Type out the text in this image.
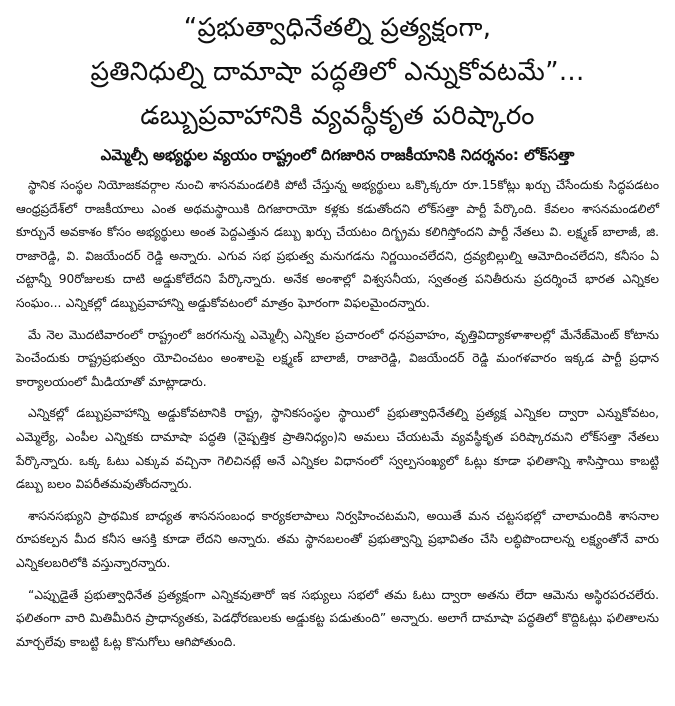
“ప్రభుత్వాధినేతల్ని ప్రత్యక్షంగా,
ప్రతినిధుల్ని దామాషా పద్ధతిలో ఎన్నుకోవటమే”...
డబ్బుప్రవాహానికి వ్యవస్థీకృత పరిష్కారం
ఎమ్మెల్సీ అభ్యర్థుల వ్యయం రాష్ట్రంలో దిగజారిన రాజకీయానికి నిదర్శనం: లోక్‌సత్తా

స్థానిక సంస్థల నియోజకవర్గాల నుంచి శాసనమండలికి పోటీ చేస్తున్న అభ్యర్థులు ఒక్కొక్కరూ రూ.15కోట్లు ఖర్చు చేసేందుకు సిద్ధపడటం ఆంధ్రప్రదేశ్‌లో రాజకీయాలు ఎంత అథమస్థాయికి దిగజారాయో కళ్లకు కడుతోందని లోక్‌సత్తా పార్టీ పేర్కొంది. కేవలం శాసనమండలిలో కూర్చునే అవకాశం కోసం అభ్యర్థులు అంత పెద్దఎత్తున డబ్బు ఖర్చు చేయటం దిగ్భ్రమ కలిగిస్తోందని పార్టీ నేతలు వి. లక్ష్మణ్ బాలాజీ, జి. రాజారెడ్డి, వి. విజయేందర్ రెడ్డి అన్నారు. ఎగువ సభ ప్రభుత్వ మనుగడను నిర్ణయించలేదని, ద్రవ్యబిల్లుల్ని ఆమోదించలేదని, కనీసం ఏ చట్టాన్నీ 90రోజులకు దాటి అడ్డుకోలేదని పేర్కొన్నారు. అనేక అంశాల్లో విశ్వసనీయ, స్వతంత్ర పనితీరును ప్రదర్శించే భారత ఎన్నికల సంఘం... ఎన్నికల్లో డబ్బుప్రవాహాన్ని అడ్డుకోవటంలో మాత్రం ఘోరంగా విఫలమైందన్నారు.

మే నెల మొదటివారంలో రాష్ట్రంలో జరగనున్న ఎమ్మెల్సీ ఎన్నికల ప్రచారంలో ధనప్రవాహం, వృత్తివిద్యాకళాశాలల్లో మేనేజ్‌మెంట్ కోటాను పెంచేందుకు రాష్ట్రప్రభుత్వం యోచించటం అంశాలపై లక్ష్మణ్ బాలాజీ, రాజారెడ్డి, విజయేందర్ రెడ్డి మంగళవారం ఇక్కడ పార్టీ ప్రధాన కార్యాలయంలో మీడియాతో మాట్లాడారు.

ఎన్నికల్లో డబ్బుప్రవాహాన్ని అడ్డుకోవటానికి రాష్ట్ర, స్థానికసంస్థల స్థాయిలో ప్రభుత్వాధినేతల్ని ప్రత్యక్ష ఎన్నికల ద్వారా ఎన్నుకోవటం, ఎమ్మెల్యే, ఎంపీల ఎన్నికకు దామాషా పద్ధతి (నైష్పత్తిక ప్రాతినిధ్యం)ని అమలు చేయటమే వ్యవస్థీకృత పరిష్కారమని లోక్‌సత్తా నేతలు పేర్కొన్నారు. ఒక్క ఓటు ఎక్కువ వచ్చినా గెలిచినట్లే అనే ఎన్నికల విధానంలో స్వల్పసంఖ్యలో ఓట్లు కూడా ఫలితాన్ని శాసిస్తాయి కాబట్టి డబ్బు బలం విపరీతమవుతోందన్నారు.

శాసనసభ్యుని ప్రాథమిక బాధ్యత శాసనసంబంధ కార్యకలాపాలు నిర్వహించటమని, అయితే మన చట్టసభల్లో చాలామందికి శాసనాల రూపకల్పన మీద కనీస ఆసక్తి కూడా లేదని అన్నారు. తమ స్థానబలంతో ప్రభుత్వాన్ని ప్రభావితం చేసి లబ్ధిపొందాలన్న లక్ష్యంతోనే వారు ఎన్నికలబరిలోకి వస్తున్నారన్నారు.

“ఎప్పుడైతే ప్రభుత్వాధినేత ప్రత్యక్షంగా ఎన్నికవుతారో ఇక సభ్యులు సభలో తమ ఓటు ద్వారా అతను లేదా ఆమెను అస్థిరపరచలేరు. ఫలితంగా వారి మితిమీరిన ప్రాధాన్యతకు, పెడధోరణులకు అడ్డుకట్ట పడుతుంది” అన్నారు. అలాగే దామాషా పద్ధతిలో కొద్దిఓట్లు ఫలితాలను మార్చలేవు కాబట్టి ఓట్ల కొనుగోలు ఆగిపోతుంది.
